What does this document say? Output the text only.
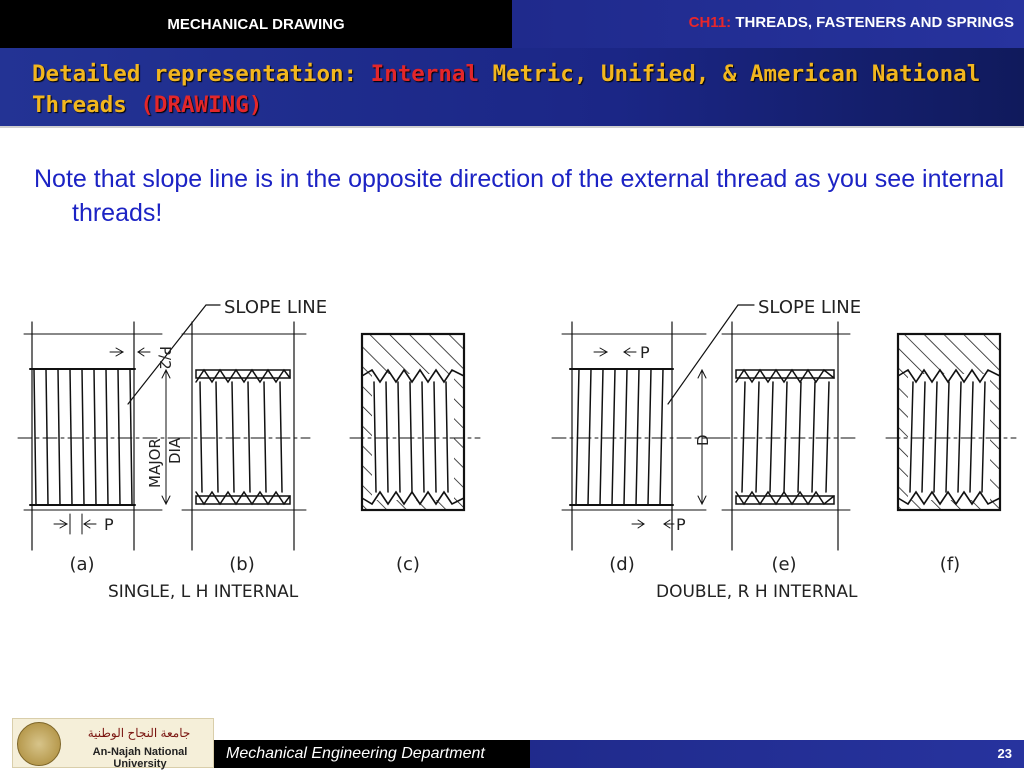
MECHANICAL DRAWING	CH11: THREADS, FASTENERS AND SPRINGS
Detailed representation: Internal Metric, Unified, & American National Threads (DRAWING)

Note that slope line is in the opposite direction of the external thread as you see internal threads!

SLOPE LINE	SLOPE LINE
P/2
MAJOR DIA
P
P
D
P
(a)	(b)	(c)	(d)	(e)	(f)
SINGLE, L H INTERNAL	DOUBLE, R H INTERNAL
Mechanical Engineering Department	23
جامعة النجاح الوطنية
An-Najah National University
